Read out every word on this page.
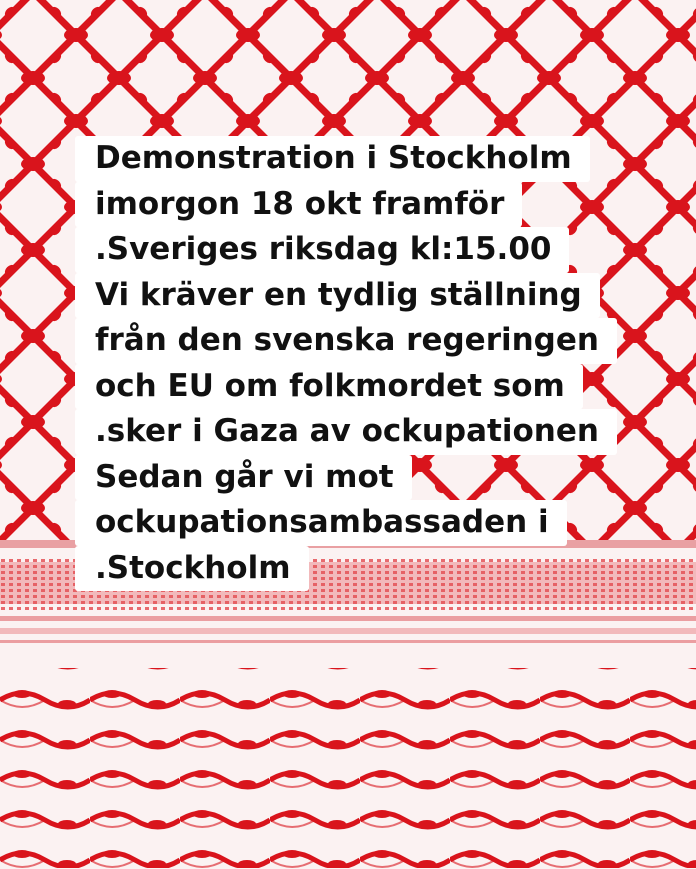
Demonstration i Stockholm
imorgon 18 okt framför
.Sveriges riksdag kl:15.00
Vi kräver en tydlig ställning
från den svenska regeringen
och EU om folkmordet som
.sker i Gaza av ockupationen
Sedan går vi mot
ockupationsambassaden i
.Stockholm
